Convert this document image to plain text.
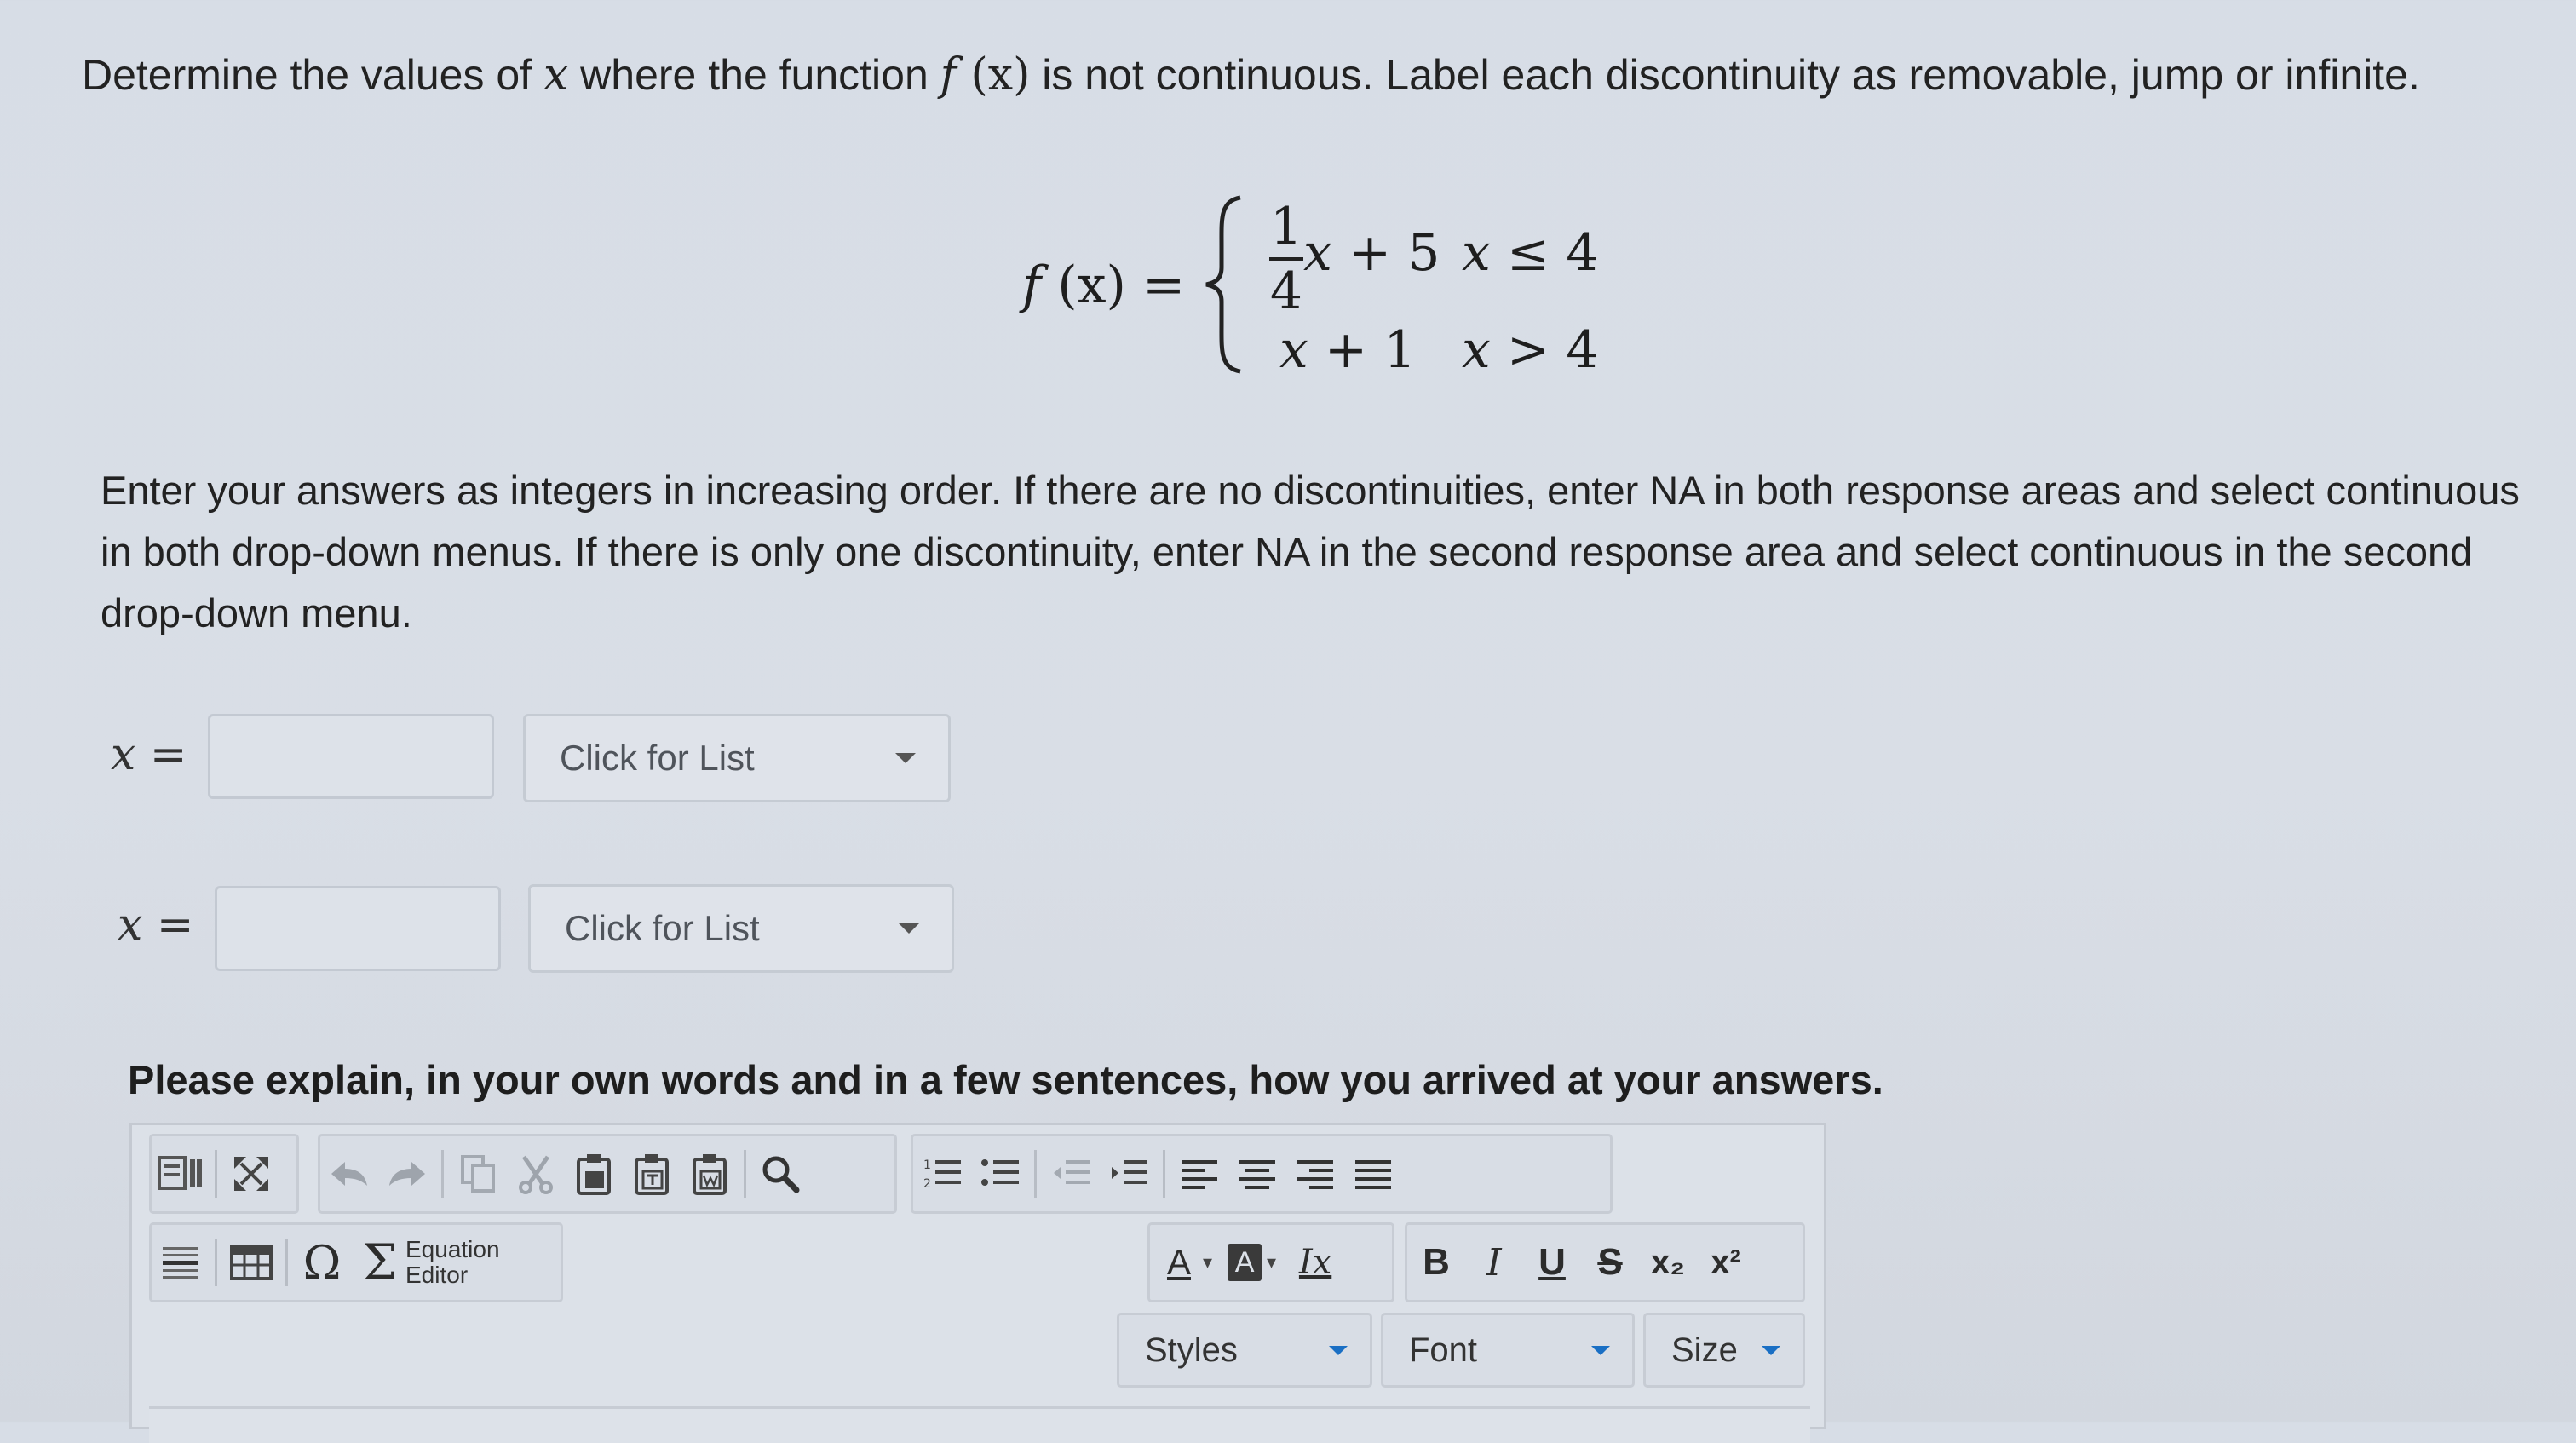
Determine the values of x where the function f (x) is not continuous. Label each discontinuity as removable, jump or infinite.
f (x) =
1
4
x + 5 x ≤ 4
x + 1 x > 4
Enter your answers as integers in increasing order. If there are no discontinuities, enter NA in both response areas and select continuous in both drop-down menus. If there is only one discontinuity, enter NA in the second response area and select continuous in the second drop-down menu.
x =	Click for List
x =	Click for List
Please explain, in your own words and in a few sentences, how you arrived at your answers.
1
2
Ω Σ Equation
Editor	A ▾ A ▾ Ix B I U S x₂ x²
Styles	Font	Size
